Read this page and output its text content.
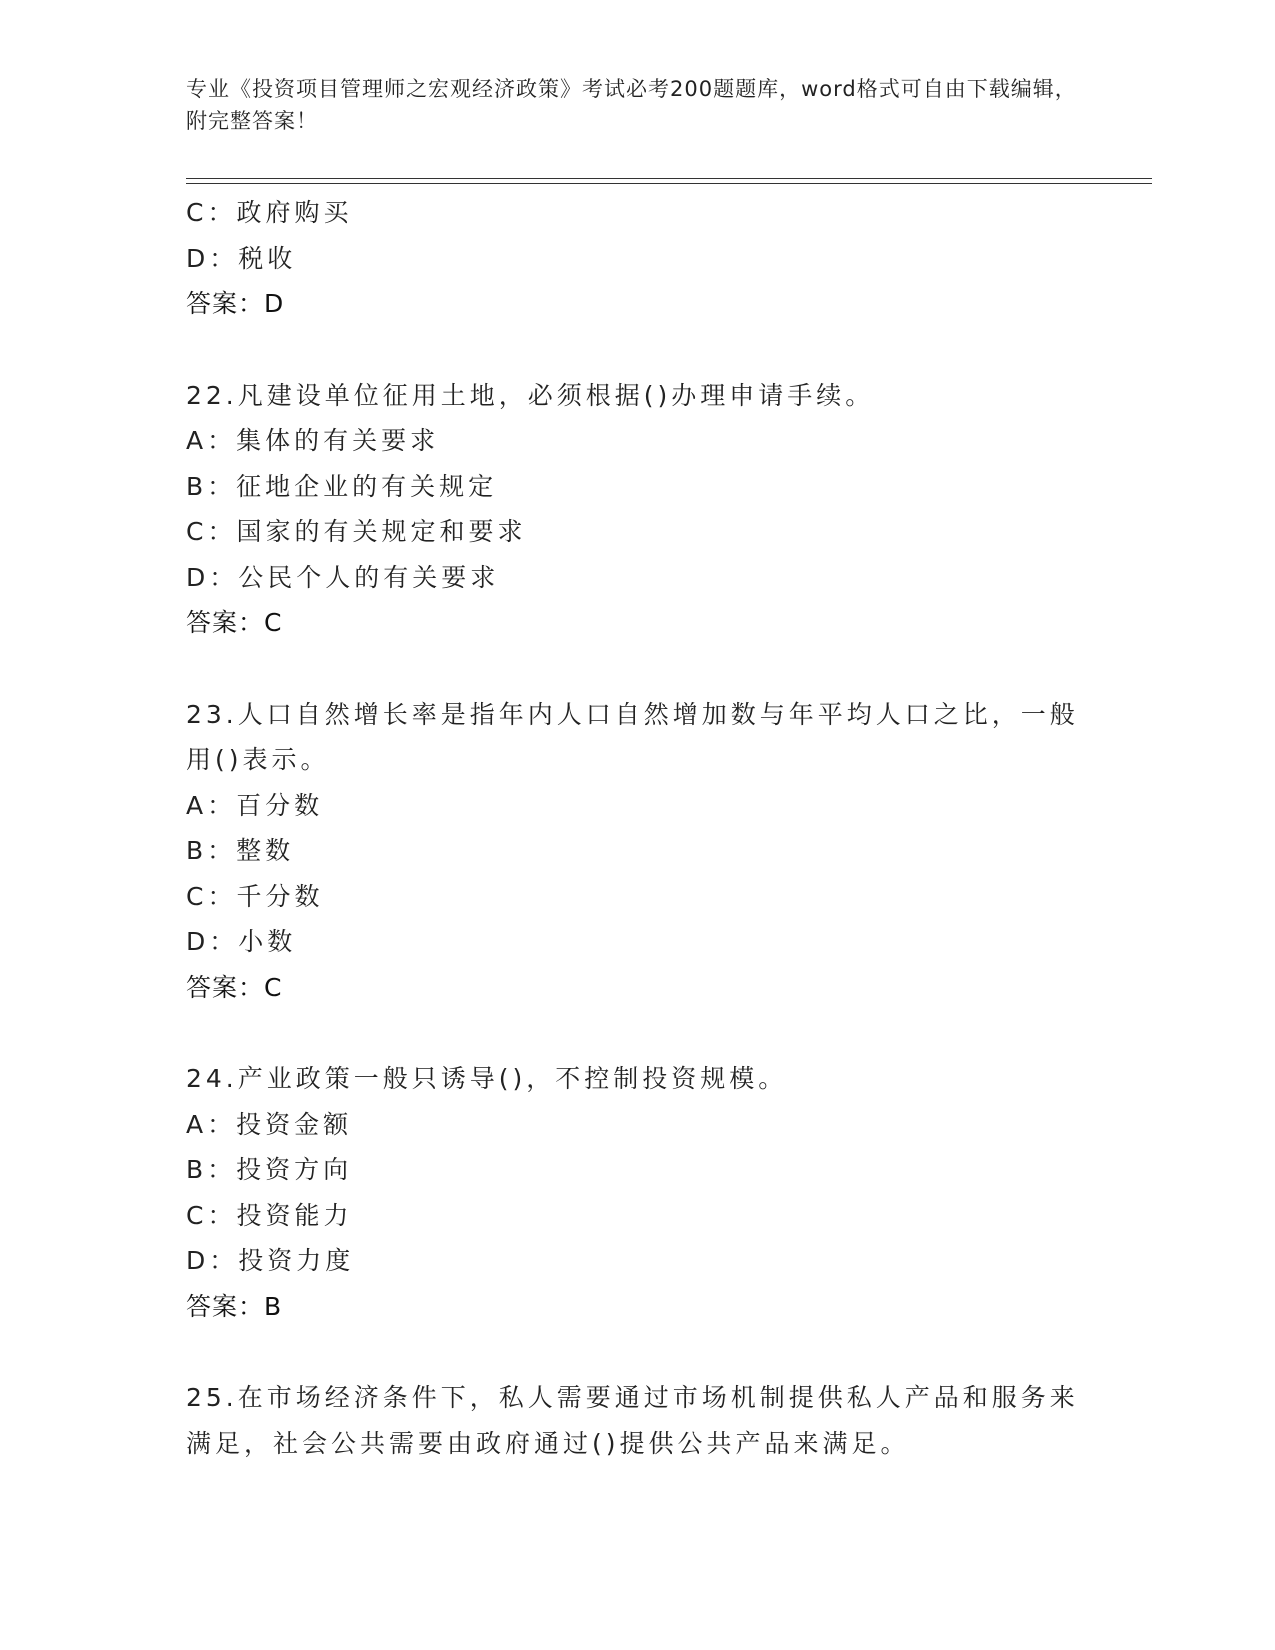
专业《投资项目管理师之宏观经济政策》考试必考200题题库，word格式可自由下载编辑，附完整答案！
C：政府购买
D：税收
答案：D
22.凡建设单位征用土地，必须根据()办理申请手续。
A：集体的有关要求
B：征地企业的有关规定
C：国家的有关规定和要求
D：公民个人的有关要求
答案：C
23.人口自然增长率是指年内人口自然增加数与年平均人口之比，一般用()表示。
A：百分数
B：整数
C：千分数
D：小数
答案：C
24.产业政策一般只诱导()，不控制投资规模。
A：投资金额
B：投资方向
C：投资能力
D：投资力度
答案：B
25.在市场经济条件下，私人需要通过市场机制提供私人产品和服务来满足，社会公共需要由政府通过()提供公共产品来满足。
